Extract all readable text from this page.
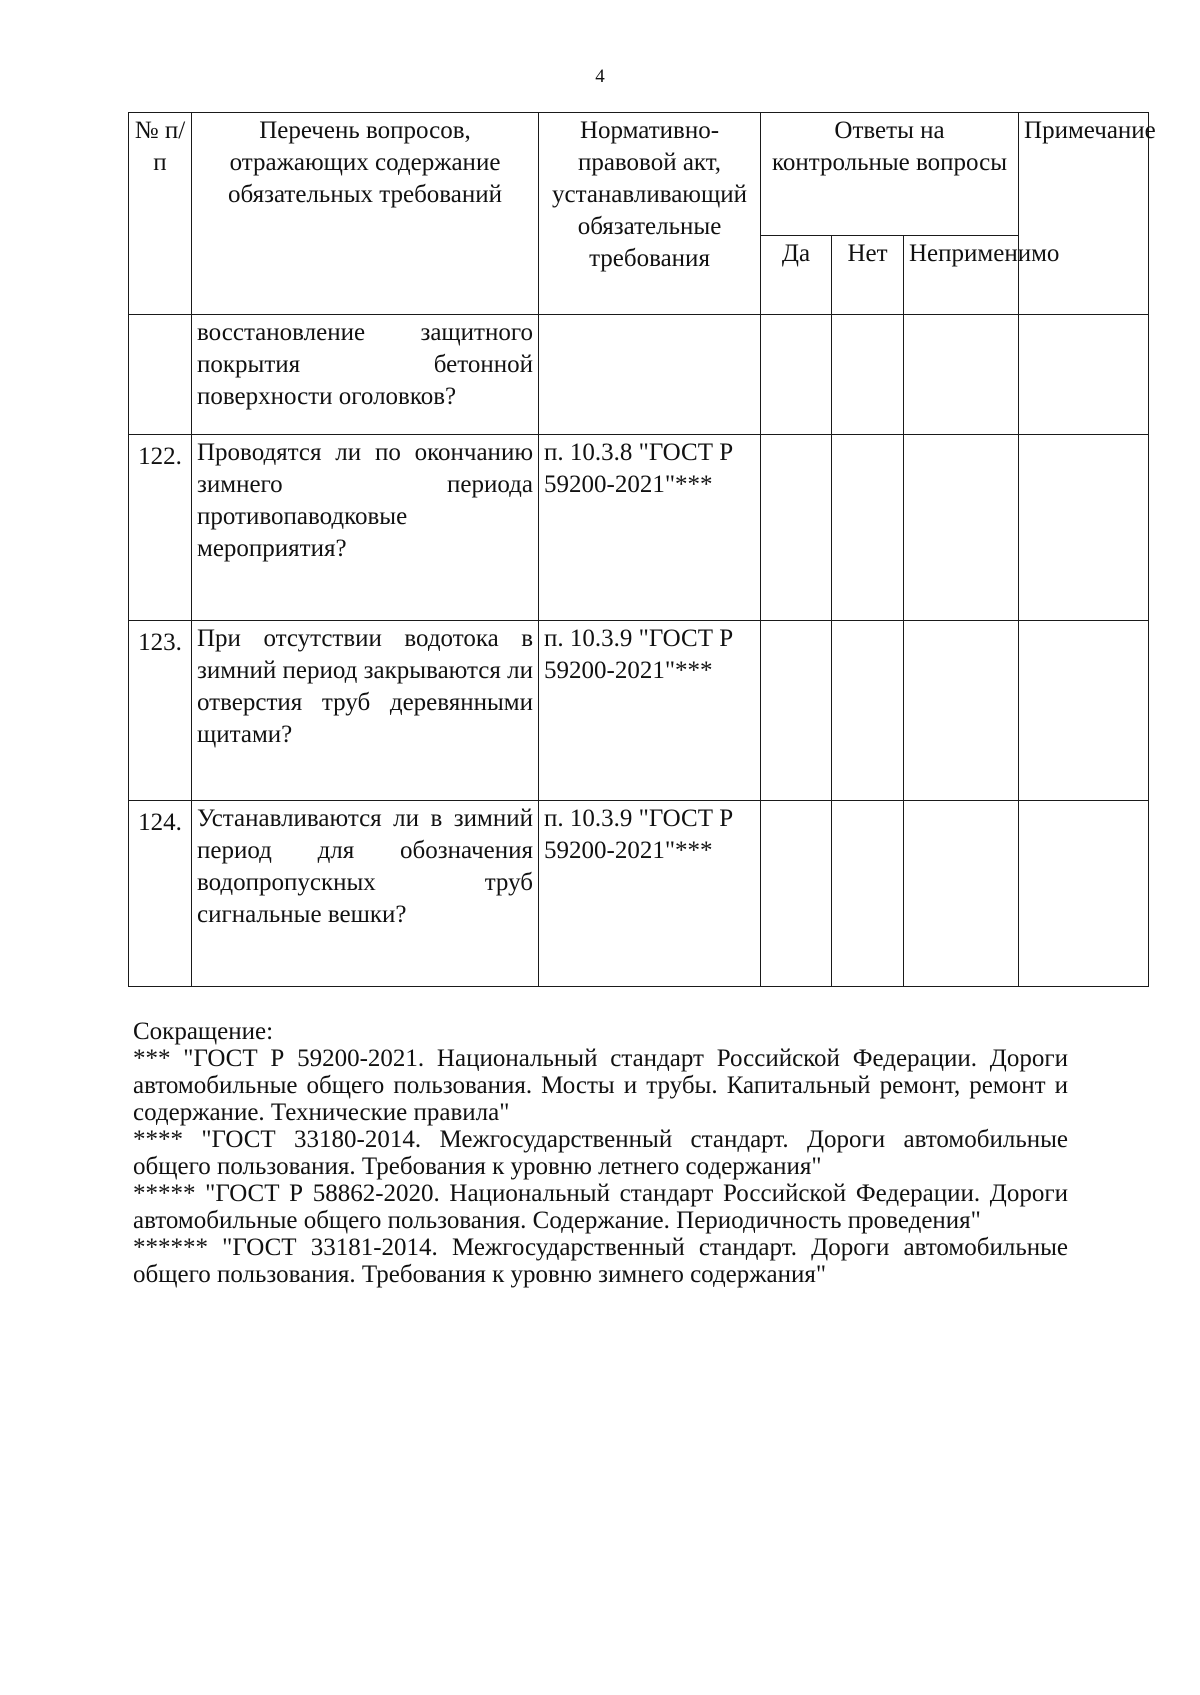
4
№ п/п	Перечень вопросов, отражающих содержание обязательных требований	Нормативно-правовой акт, устанавливающий обязательные требования	Ответы на контрольные вопросы			Примечание
			Да	Нет	Неприменимо	
	восстановление защитного покрытия бетонной поверхности оголовков?					
122.	Проводятся ли по окончанию зимнего периода противопаводковые мероприятия?	п. 10.3.8 "ГОСТ Р 59200-2021"***				
123.	При отсутствии водотока в зимний период закрываются ли отверстия труб деревянными щитами?	п. 10.3.9 "ГОСТ Р 59200-2021"***				
124.	Устанавливаются ли в зимний период для обозначения водопропускных труб сигнальные вешки?	п. 10.3.9 "ГОСТ Р 59200-2021"***				

Сокращение:

*** "ГОСТ Р 59200-2021. Национальный стандарт Российской Федерации. Дороги автомобильные общего пользования. Мосты и трубы. Капитальный ремонт, ремонт и содержание. Технические правила"

**** "ГОСТ 33180-2014. Межгосударственный стандарт. Дороги автомобильные общего пользования. Требования к уровню летнего содержания"

***** "ГОСТ Р 58862-2020. Национальный стандарт Российской Федерации. Дороги автомобильные общего пользования. Содержание. Периодичность проведения"

****** "ГОСТ 33181-2014. Межгосударственный стандарт. Дороги автомобильные общего пользования. Требования к уровню зимнего содержания"
